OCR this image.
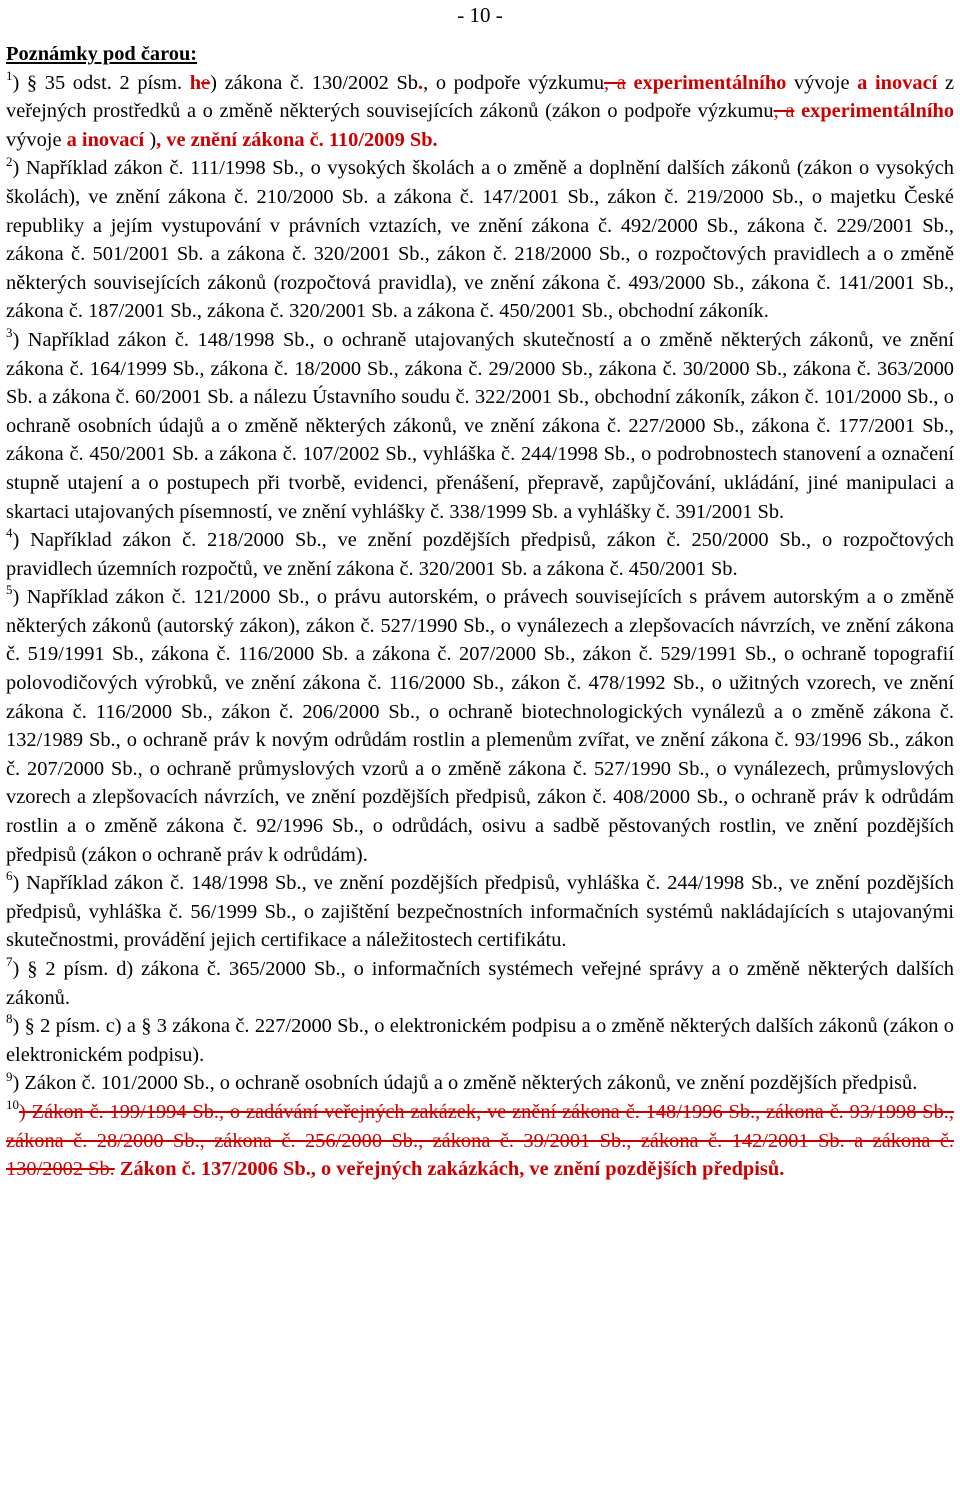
- 10 -

Poznámky pod čarou:

$^1$) § 35 odst. 2 písm. he) zákona č. 130/2002 Sb., o podpoře výzkumu, a experimentálního vývoje a inovací z veřejných prostředků a o změně některých souvisejících zákonů (zákon o podpoře výzkumu, a experimentálního vývoje a inovací ), ve znění zákona č. 110/2009 Sb.

$^2$) Například zákon č. 111/1998 Sb., o vysokých školách a o změně a doplnění dalších zákonů (zákon o vysokých školách), ve znění zákona č. 210/2000 Sb. a zákona č. 147/2001 Sb., zákon č. 219/2000 Sb., o majetku České republiky a jejím vystupování v právních vztazích, ve znění zákona č. 492/2000 Sb., zákona č. 229/2001 Sb., zákona č. 501/2001 Sb. a zákona č. 320/2001 Sb., zákon č. 218/2000 Sb., o rozpočtových pravidlech a o změně některých souvisejících zákonů (rozpočtová pravidla), ve znění zákona č. 493/2000 Sb., zákona č. 141/2001 Sb., zákona č. 187/2001 Sb., zákona č. 320/2001 Sb. a zákona č. 450/2001 Sb., obchodní zákoník.

$^3$) Například zákon č. 148/1998 Sb., o ochraně utajovaných skutečností a o změně některých zákonů, ve znění zákona č. 164/1999 Sb., zákona č. 18/2000 Sb., zákona č. 29/2000 Sb., zákona č. 30/2000 Sb., zákona č. 363/2000 Sb. a zákona č. 60/2001 Sb. a nálezu Ústavního soudu č. 322/2001 Sb., obchodní zákoník, zákon č. 101/2000 Sb., o ochraně osobních údajů a o změně některých zákonů, ve znění zákona č. 227/2000 Sb., zákona č. 177/2001 Sb., zákona č. 450/2001 Sb. a zákona č. 107/2002 Sb., vyhláška č. 244/1998 Sb., o podrobnostech stanovení a označení stupně utajení a o postupech při tvorbě, evidenci, přenášení, přepravě, zapůjčování, ukládání, jiné manipulaci a skartaci utajovaných písemností, ve znění vyhlášky č. 338/1999 Sb. a vyhlášky č. 391/2001 Sb.

$^4$) Například zákon č. 218/2000 Sb., ve znění pozdějších předpisů, zákon č. 250/2000 Sb., o rozpočtových pravidlech územních rozpočtů, ve znění zákona č. 320/2001 Sb. a zákona č. 450/2001 Sb.

$^5$) Například zákon č. 121/2000 Sb., o právu autorském, o právech souvisejících s právem autorským a o změně některých zákonů (autorský zákon), zákon č. 527/1990 Sb., o vynálezech a zlepšovacích návrzích, ve znění zákona č. 519/1991 Sb., zákona č. 116/2000 Sb. a zákona č. 207/2000 Sb., zákon č. 529/1991 Sb., o ochraně topografií polovodičových výrobků, ve znění zákona č. 116/2000 Sb., zákon č. 478/1992 Sb., o užitných vzorech, ve znění zákona č. 116/2000 Sb., zákon č. 206/2000 Sb., o ochraně biotechnologických vynálezů a o změně zákona č. 132/1989 Sb., o ochraně práv k novým odrůdám rostlin a plemenům zvířat, ve znění zákona č. 93/1996 Sb., zákon č. 207/2000 Sb., o ochraně průmyslových vzorů a o změně zákona č. 527/1990 Sb., o vynálezech, průmyslových vzorech a zlepšovacích návrzích, ve znění pozdějších předpisů, zákon č. 408/2000 Sb., o ochraně práv k odrůdám rostlin a o změně zákona č. 92/1996 Sb., o odrůdách, osivu a sadbě pěstovaných rostlin, ve znění pozdějších předpisů (zákon o ochraně práv k odrůdám).

$^6$) Například zákon č. 148/1998 Sb., ve znění pozdějších předpisů, vyhláška č. 244/1998 Sb., ve znění pozdějších předpisů, vyhláška č. 56/1999 Sb., o zajištění bezpečnostních informačních systémů nakládajících s utajovanými skutečnostmi, provádění jejich certifikace a náležitostech certifikátu.

$^7$) § 2 písm. d) zákona č. 365/2000 Sb., o informačních systémech veřejné správy a o změně některých dalších zákonů.

$^8$) § 2 písm. c) a § 3 zákona č. 227/2000 Sb., o elektronickém podpisu a o změně některých dalších zákonů (zákon o elektronickém podpisu).

$^9$) Zákon č. 101/2000 Sb., o ochraně osobních údajů a o změně některých zákonů, ve znění pozdějších předpisů.

$^{10}$) Zákon č. 199/1994 Sb., o zadávání veřejných zakázek, ve znění zákona č. 148/1996 Sb., zákona č. 93/1998 Sb., zákona č. 28/2000 Sb., zákona č. 256/2000 Sb., zákona č. 39/2001 Sb., zákona č. 142/2001 Sb. a zákona č. 130/2002 Sb. Zákon č. 137/2006 Sb., o veřejných zakázkách, ve znění pozdějších předpisů.
